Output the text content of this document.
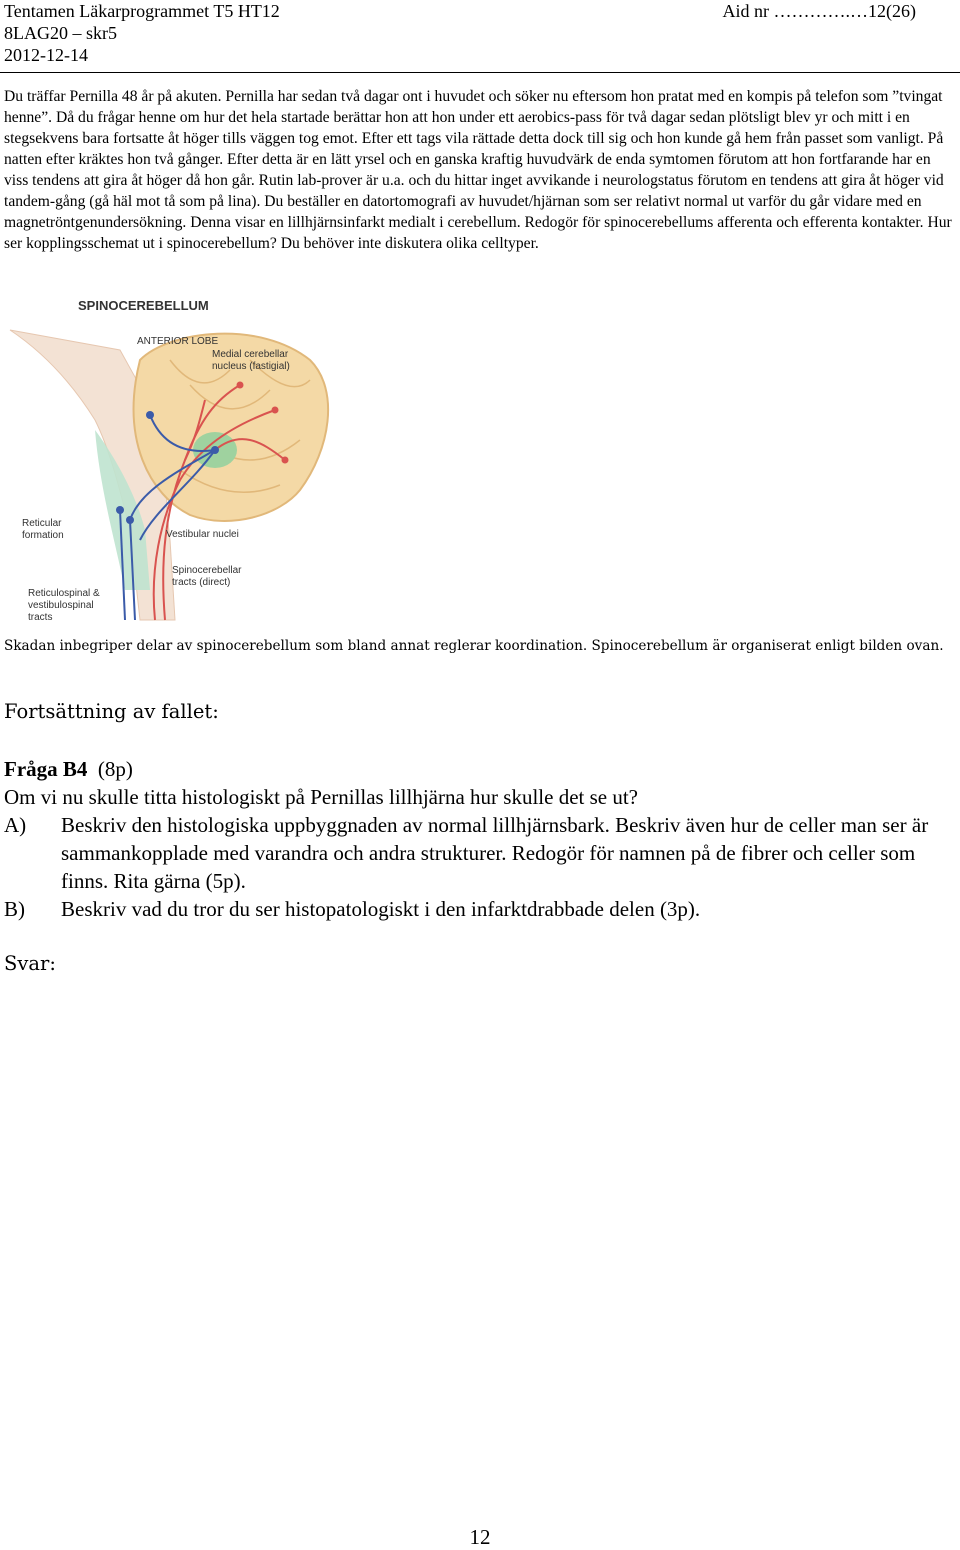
Tentamen Läkarprogrammet T5 HT12	Aid nr ………….…12(26)
8LAG20 – skr5
2012-12-14

Du träffar Pernilla 48 år på akuten. Pernilla har sedan två dagar ont i huvudet och söker nu eftersom hon pratat med en kompis på telefon som ”tvingat henne”. Då du frågar henne om hur det hela startade berättar hon att hon under ett aerobics-pass för två dagar sedan plötsligt blev yr och mitt i en stegsekvens bara fortsatte åt höger tills väggen tog emot. Efter ett tags vila rättade detta dock till sig och hon kunde gå hem från passet som vanligt. På natten efter kräktes hon två gånger. Efter detta är en lätt yrsel och en ganska kraftig huvudvärk de enda symtomen förutom att hon fortfarande har en viss tendens att gira åt höger då hon går. Rutin lab-prover är u.a. och du hittar inget avvikande i neurologstatus förutom en tendens att gira åt höger vid tandem-gång (gå häl mot tå som på lina). Du beställer en datortomografi av huvudet/hjärnan som ser relativt normal ut varför du går vidare med en magnetröntgenundersökning. Denna visar en lillhjärnsinfarkt medialt i cerebellum. Redogör för spinocerebellums afferenta och efferenta kontakter. Hur ser kopplingsschemat ut i spinocerebellum? Du behöver inte diskutera olika celltyper.

SPINOCEREBELLUM
ANTERIOR LOBE
Medial cerebellar
nucleus (fastigial)
Reticular
formation	Vestibular nuclei
Spinocerebellar
tracts (direct)
Reticulospinal &
vestibulospinal
tracts

Skadan inbegriper delar av spinocerebellum som bland annat reglerar koordination. Spinocerebellum är organiserat enligt bilden ovan.

Fortsättning av fallet:

Fråga B4 (8p)

Om vi nu skulle titta histologiskt på Pernillas lillhjärna hur skulle det se ut?

A)	Beskriv den histologiska uppbyggnaden av normal lillhjärnsbark. Beskriv även hur de celler man ser är sammankopplade med varandra och andra strukturer. Redogör för namnen på de fibrer och celler som finns. Rita gärna (5p).
B)	Beskriv vad du tror du ser histopatologiskt i den infarktdrabbade delen (3p).

Svar:

12
